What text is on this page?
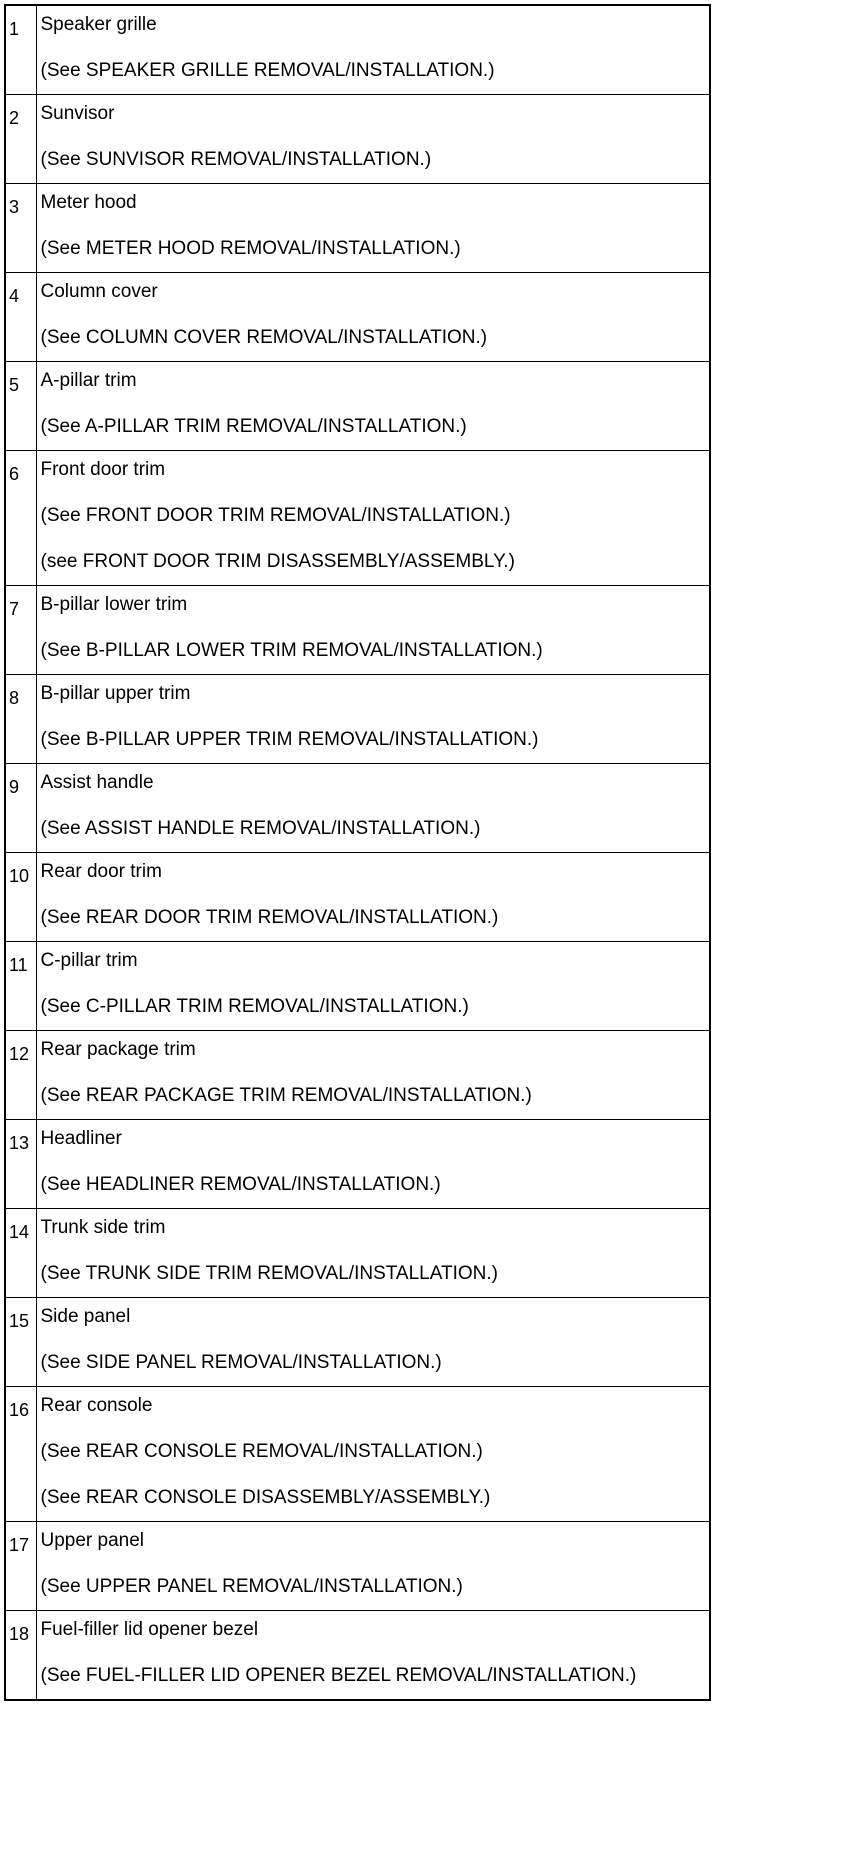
1	Speaker grille
(See SPEAKER GRILLE REMOVAL/INSTALLATION.)

2	Sunvisor
(See SUNVISOR REMOVAL/INSTALLATION.)

3	Meter hood
(See METER HOOD REMOVAL/INSTALLATION.)

4	Column cover
(See COLUMN COVER REMOVAL/INSTALLATION.)

5	A-pillar trim
(See A-PILLAR TRIM REMOVAL/INSTALLATION.)

6	Front door trim
(See FRONT DOOR TRIM REMOVAL/INSTALLATION.)
(see FRONT DOOR TRIM DISASSEMBLY/ASSEMBLY.)

7	B-pillar lower trim
(See B-PILLAR LOWER TRIM REMOVAL/INSTALLATION.)

8	B-pillar upper trim
(See B-PILLAR UPPER TRIM REMOVAL/INSTALLATION.)

9	Assist handle
(See ASSIST HANDLE REMOVAL/INSTALLATION.)

10	Rear door trim
(See REAR DOOR TRIM REMOVAL/INSTALLATION.)

11	C-pillar trim
(See C-PILLAR TRIM REMOVAL/INSTALLATION.)

12	Rear package trim
(See REAR PACKAGE TRIM REMOVAL/INSTALLATION.)

13	Headliner
(See HEADLINER REMOVAL/INSTALLATION.)

14	Trunk side trim
(See TRUNK SIDE TRIM REMOVAL/INSTALLATION.)

15	Side panel
(See SIDE PANEL REMOVAL/INSTALLATION.)

16	Rear console
(See REAR CONSOLE REMOVAL/INSTALLATION.)
(See REAR CONSOLE DISASSEMBLY/ASSEMBLY.)

17	Upper panel
(See UPPER PANEL REMOVAL/INSTALLATION.)

18	Fuel-filler lid opener bezel
(See FUEL-FILLER LID OPENER BEZEL REMOVAL/INSTALLATION.)
